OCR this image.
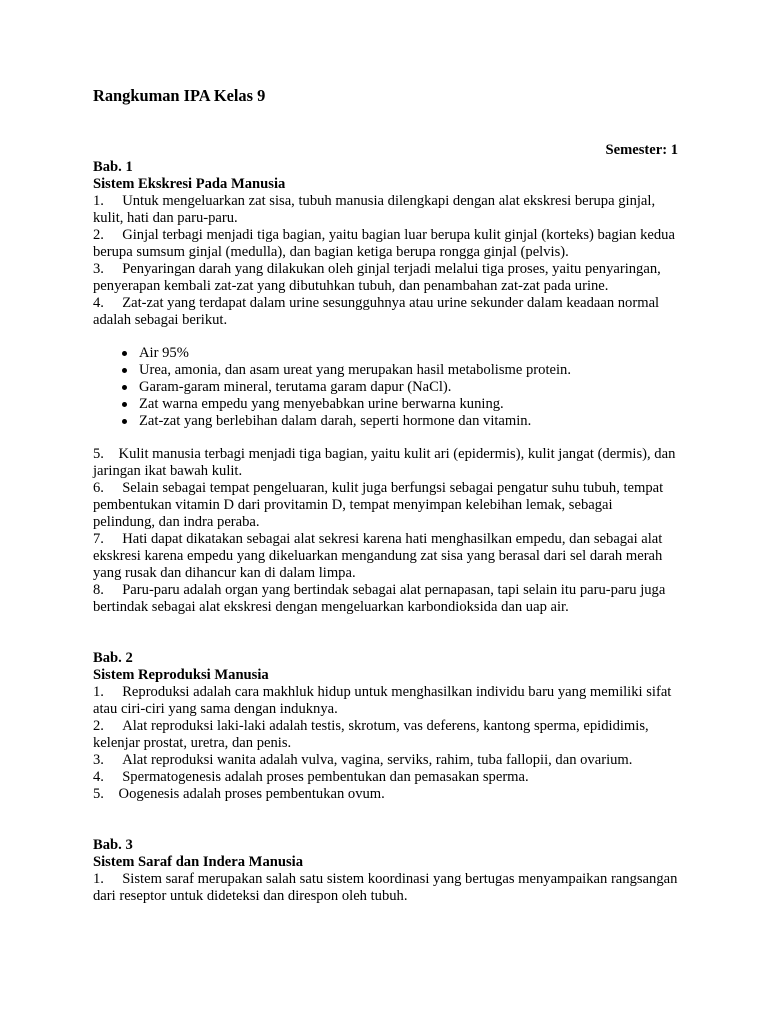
Rangkuman IPA Kelas 9
Semester: 1
Bab. 1
Sistem Ekskresi Pada Manusia
1.     Untuk mengeluarkan zat sisa, tubuh manusia dilengkapi dengan alat ekskresi berupa ginjal, kulit, hati dan paru-paru.
2.     Ginjal terbagi menjadi tiga bagian, yaitu bagian luar berupa kulit ginjal (korteks) bagian kedua berupa sumsum ginjal (medulla), dan bagian ketiga berupa rongga ginjal (pelvis).
3.     Penyaringan darah yang dilakukan oleh ginjal terjadi melalui tiga proses, yaitu penyaringan, penyerapan kembali zat-zat yang dibutuhkan tubuh, dan penambahan zat-zat pada urine.
4.     Zat-zat yang terdapat dalam urine sesungguhnya atau urine sekunder dalam keadaan normal adalah sebagai berikut.
Air 95%
Urea, amonia, dan asam ureat yang merupakan hasil metabolisme protein.
Garam-garam mineral, terutama garam dapur (NaCl).
Zat warna empedu yang menyebabkan urine berwarna kuning.
Zat-zat yang berlebihan dalam darah, seperti hormone dan vitamin.
5.    Kulit manusia terbagi menjadi tiga bagian, yaitu kulit ari (epidermis), kulit jangat (dermis), dan jaringan ikat bawah kulit.
6.     Selain sebagai tempat pengeluaran, kulit juga berfungsi sebagai pengatur suhu tubuh, tempat pembentukan vitamin D dari provitamin D, tempat menyimpan kelebihan lemak, sebagai pelindung, dan indra peraba.
7.     Hati dapat dikatakan sebagai alat sekresi karena hati menghasilkan empedu, dan sebagai alat ekskresi karena empedu yang dikeluarkan mengandung zat sisa yang berasal dari sel darah merah yang rusak dan dihancur kan di dalam limpa.
8.     Paru-paru adalah organ yang bertindak sebagai alat pernapasan, tapi selain itu paru-paru juga bertindak sebagai alat ekskresi dengan mengeluarkan karbondioksida dan uap air.
Bab. 2
Sistem Reproduksi Manusia
1.     Reproduksi adalah cara makhluk hidup untuk menghasilkan individu baru yang memiliki sifat atau ciri-ciri yang sama dengan induknya.
2.     Alat reproduksi laki-laki adalah testis, skrotum, vas deferens, kantong sperma, epididimis, kelenjar prostat, uretra, dan penis.
3.     Alat reproduksi wanita adalah vulva, vagina, serviks, rahim, tuba fallopii, dan ovarium.
4.     Spermatogenesis adalah proses pembentukan dan pemasakan sperma.
5.    Oogenesis adalah proses pembentukan ovum.
Bab. 3
Sistem Saraf dan Indera Manusia
1.     Sistem saraf merupakan salah satu sistem koordinasi yang bertugas menyampaikan rangsangan dari reseptor untuk dideteksi dan direspon oleh tubuh.
